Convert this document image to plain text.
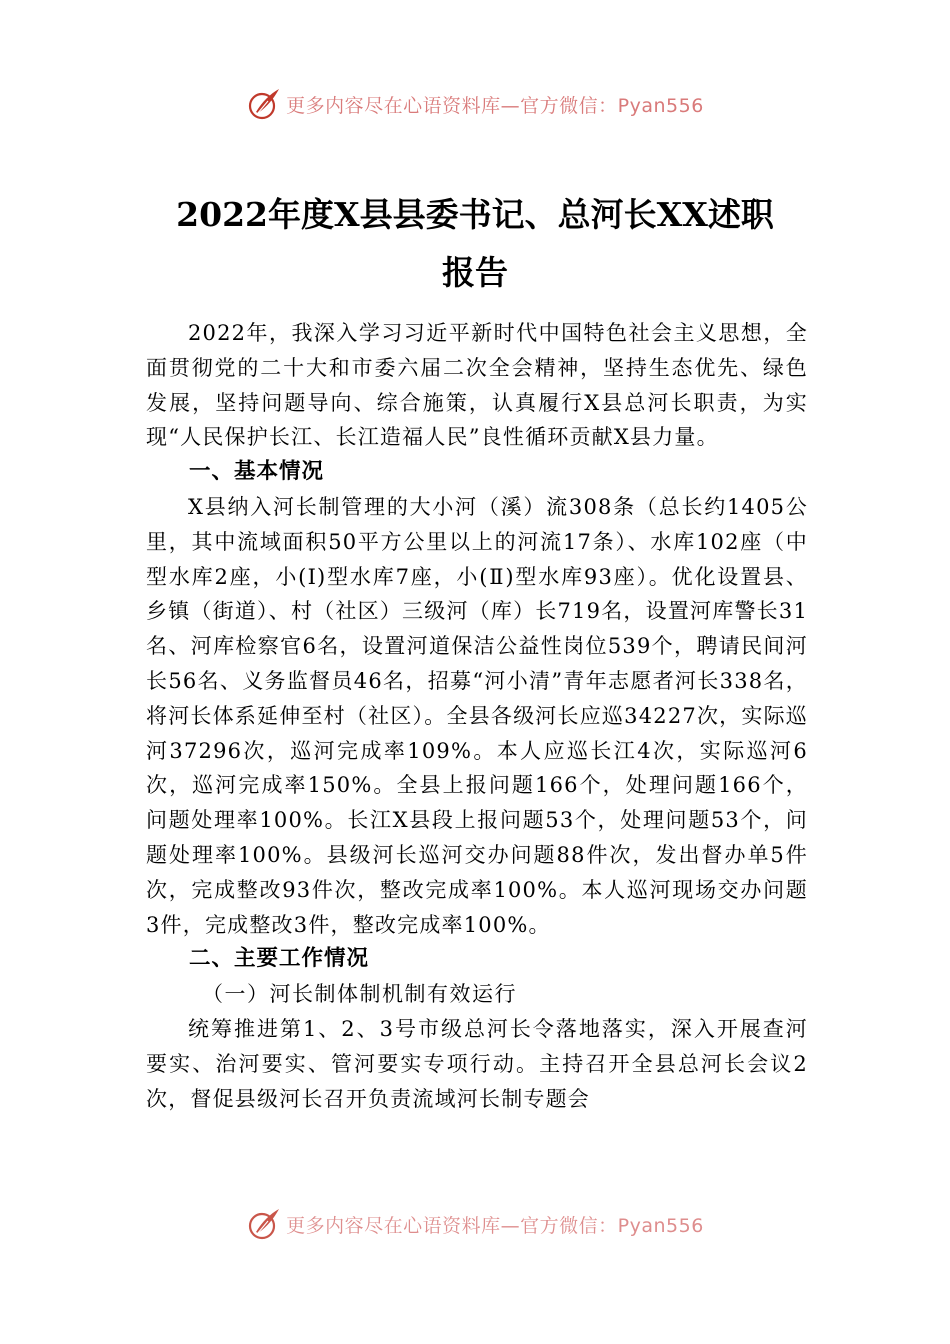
更多内容尽在心语资料库—官方微信：Pyan556
2022年度X县县委书记、总河长XX述职
报告

2022年，我深入学习习近平新时代中国特色社会主义思想，全面贯彻党的二十大和市委六届二次全会精神，坚持生态优先、绿色发展，坚持问题导向、综合施策，认真履行X县总河长职责，为实现“人民保护长江、长江造福人民”良性循环贡献X县力量。

一、基本情况

X县纳入河长制管理的大小河（溪）流308条（总长约1405公里，其中流域面积50平方公里以上的河流17条）、水库102座（中型水库2座，小(I)型水库7座，小(Ⅱ)型水库93座）。优化设置县、乡镇（街道）、村（社区）三级河（库）长719名，设置河库警长31名、河库检察官6名，设置河道保洁公益性岗位539个，聘请民间河长56名、义务监督员46名，招募“河小清”青年志愿者河长338名，将河长体系延伸至村（社区）。全县各级河长应巡34227次，实际巡河37296次，巡河完成率109%。本人应巡长江4次，实际巡河6次，巡河完成率150%。全县上报问题166个，处理问题166个，问题处理率100%。长江X县段上报问题53个，处理问题53个，问题处理率100%。县级河长巡河交办问题88件次，发出督办单5件次，完成整改93件次，整改完成率100%。本人巡河现场交办问题3件，完成整改3件，整改完成率100%。

二、主要工作情况
（一）河长制体制机制有效运行

统筹推进第1、2、3号市级总河长令落地落实，深入开展查河要实、治河要实、管河要实专项行动。主持召开全县总河长会议2次，督促县级河长召开负责流域河长制专题会

更多内容尽在心语资料库—官方微信：Pyan556
